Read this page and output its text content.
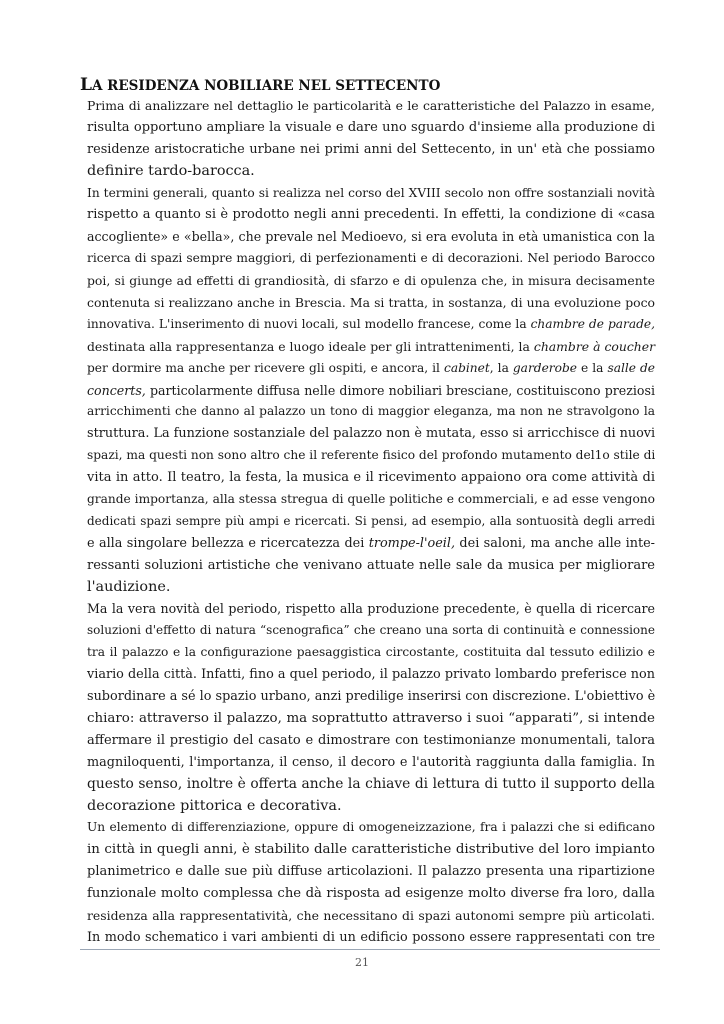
LA RESIDENZA NOBILIARE NEL SETTECENTO
Prima di analizzare nel dettaglio le particolarità e le caratteristiche del Palazzo in esame,
risulta opportuno ampliare la visuale e dare uno sguardo d'insieme alla produzione di
residenze aristocratiche urbane nei primi anni del Settecento, in un' età che possiamo
definire tardo-barocca.
In termini generali, quanto si realizza nel corso del XVIII secolo non offre sostanziali novità
rispetto a quanto si è prodotto negli anni precedenti. In effetti, la condizione di «casa
accogliente» e «bella», che prevale nel Medioevo, si era evoluta in età umanistica con la
ricerca di spazi sempre maggiori, di perfezionamenti e di decorazioni. Nel periodo Barocco
poi, si giunge ad effetti di grandiosità, di sfarzo e di opulenza che, in misura decisamente
contenuta si realizzano anche in Brescia. Ma si tratta, in sostanza, di una evoluzione poco
innovativa. L'inserimento di nuovi locali, sul modello francese, come la chambre de parade,
destinata alla rappresentanza e luogo ideale per gli intrattenimenti, la chambre à coucher
per dormire ma anche per ricevere gli ospiti, e ancora, il cabinet, la garderobe e la salle de
concerts, particolarmente diffusa nelle dimore nobiliari bresciane, costituiscono preziosi
arricchimenti che danno al palazzo un tono di maggior eleganza, ma non ne stravolgono la
struttura. La funzione sostanziale del palazzo non è mutata, esso si arricchisce di nuovi
spazi, ma questi non sono altro che il referente fisico del profondo mutamento del1o stile di
vita in atto. Il teatro, la festa, la musica e il ricevimento appaiono ora come attività di
grande importanza, alla stessa stregua di quelle politiche e commerciali, e ad esse vengono
dedicati spazi sempre più ampi e ricercati. Si pensi, ad esempio, alla sontuosità degli arredi
e alla singolare bellezza e ricercatezza dei trompe-l'oeil, dei saloni, ma anche alle inte-
ressanti soluzioni artistiche che venivano attuate nelle sale da musica per migliorare
l'audizione.
Ma la vera novità del periodo, rispetto alla produzione precedente, è quella di ricercare
soluzioni d'effetto di natura “scenografica” che creano una sorta di continuità e connessione
tra il palazzo e la configurazione paesaggistica circostante, costituita dal tessuto edilizio e
viario della città. Infatti, fino a quel periodo, il palazzo privato lombardo preferisce non
subordinare a sé lo spazio urbano, anzi predilige inserirsi con discrezione. L'obiettivo è
chiaro: attraverso il palazzo, ma soprattutto attraverso i suoi “apparati”, si intende
affermare il prestigio del casato e dimostrare con testimonianze monumentali, talora
magniloquenti, l'importanza, il censo, il decoro e l'autorità raggiunta dalla famiglia. In
questo senso, inoltre è offerta anche la chiave di lettura di tutto il supporto della
decorazione pittorica e decorativa.
Un elemento di differenziazione, oppure di omogeneizzazione, fra i palazzi che si edificano
in città in quegli anni, è stabilito dalle caratteristiche distributive del loro impianto
planimetrico e dalle sue più diffuse articolazioni. Il palazzo presenta una ripartizione
funzionale molto complessa che dà risposta ad esigenze molto diverse fra loro, dalla
residenza alla rappresentatività, che necessitano di spazi autonomi sempre più articolati.
In modo schematico i vari ambienti di un edificio possono essere rappresentati con tre
21
